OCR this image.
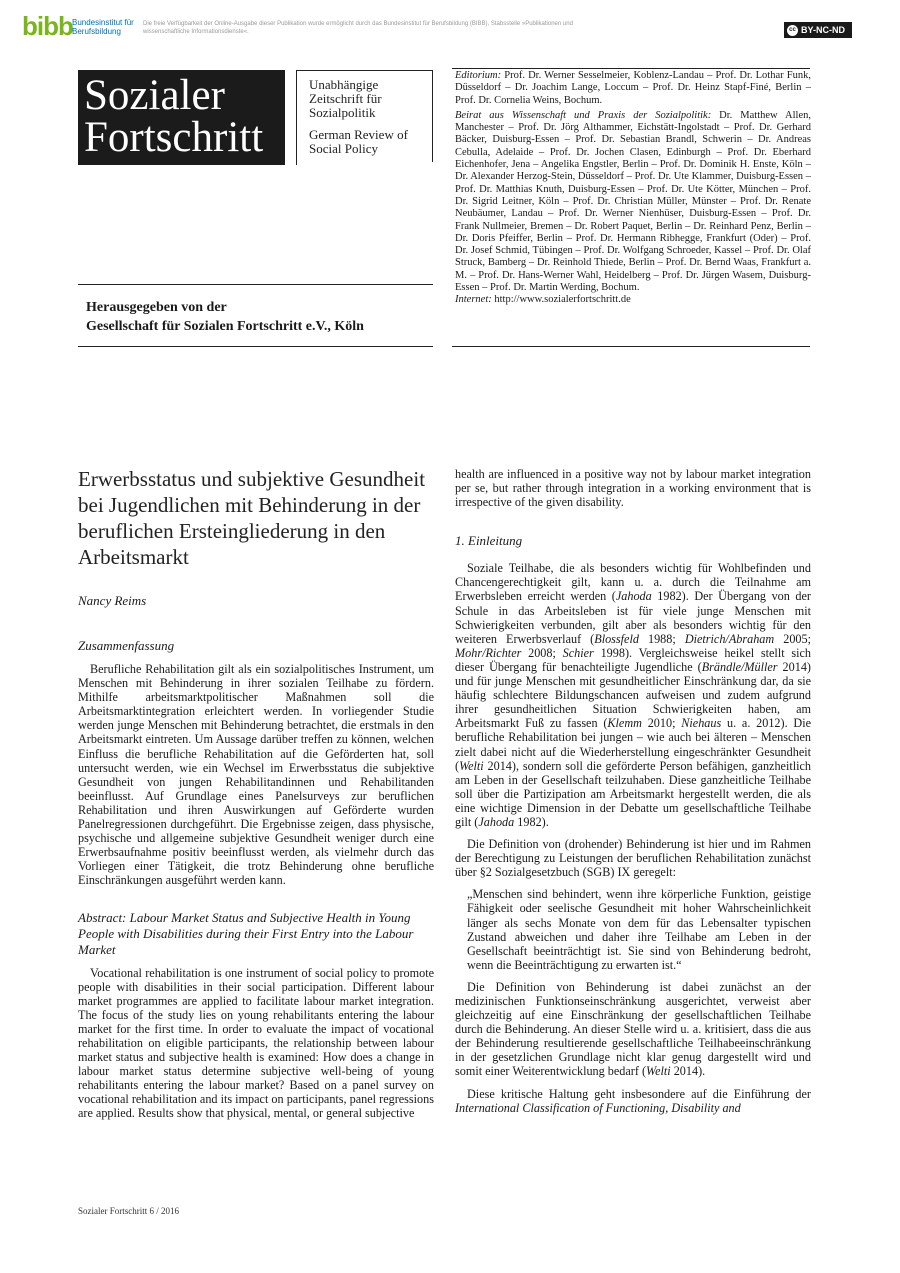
bibb Bundesinstitut für
Berufsbildung
Die freie Verfügbarkeit der Online-Ausgabe dieser Publikation wurde ermöglicht durch das Bundesinstitut für Berufsbildung (BIBB), Stabsstelle »Publikationen und wissenschaftliche Informationsdienste«.	cc BY-NC-ND
Sozialer
Fortschritt
Unabhängige Zeitschrift für Sozialpolitik
German Review of Social Policy
Herausgegeben von der
Gesellschaft für Sozialen Fortschritt e.V., Köln

Editorium: Prof. Dr. Werner Sesselmeier, Koblenz-Landau – Prof. Dr. Lothar Funk, Düsseldorf – Dr. Joachim Lange, Loccum – Prof. Dr. Heinz Stapf-Finé, Berlin – Prof. Dr. Cornelia Weins, Bochum.

Beirat aus Wissenschaft und Praxis der Sozialpolitik: Dr. Matthew Allen, Manchester – Prof. Dr. Jörg Althammer, Eichstätt-Ingolstadt – Prof. Dr. Gerhard Bäcker, Duisburg-Essen – Prof. Dr. Sebastian Brandl, Schwerin – Dr. Andreas Cebulla, Adelaide – Prof. Dr. Jochen Clasen, Edinburgh – Prof. Dr. Eberhard Eichenhofer, Jena – Angelika Engstler, Berlin – Prof. Dr. Dominik H. Enste, Köln – Dr. Alexander Herzog-Stein, Düsseldorf – Prof. Dr. Ute Klammer, Duisburg-Essen – Prof. Dr. Matthias Knuth, Duisburg-Essen – Prof. Dr. Ute Kötter, München – Prof. Dr. Sigrid Leitner, Köln – Prof. Dr. Christian Müller, Münster – Prof. Dr. Renate Neubäumer, Landau – Prof. Dr. Werner Nienhüser, Duisburg-Essen – Prof. Dr. Frank Nullmeier, Bremen – Dr. Robert Paquet, Berlin – Dr. Reinhard Penz, Berlin – Dr. Doris Pfeiffer, Berlin – Prof. Dr. Hermann Ribhegge, Frankfurt (Oder) – Prof. Dr. Josef Schmid, Tübingen – Prof. Dr. Wolfgang Schroeder, Kassel – Prof. Dr. Olaf Struck, Bamberg – Dr. Reinhold Thiede, Berlin – Prof. Dr. Bernd Waas, Frankfurt a. M. – Prof. Dr. Hans-Werner Wahl, Heidelberg – Prof. Dr. Jürgen Wasem, Duisburg-Essen – Prof. Dr. Martin Werding, Bochum.

Internet: http://www.sozialerfortschritt.de

Erwerbsstatus und subjektive Gesundheit bei Jugendlichen mit Behinderung in der beruflichen Ersteingliederung in den Arbeitsmarkt
Nancy Reims
Zusammenfassung

Berufliche Rehabilitation gilt als ein sozialpolitisches Instrument, um Menschen mit Behinderung in ihrer sozialen Teilhabe zu fördern. Mithilfe arbeitsmarktpolitischer Maßnahmen soll die Arbeitsmarktintegration erleichtert werden. In vorliegender Studie werden junge Menschen mit Behinderung betrachtet, die erstmals in den Arbeitsmarkt eintreten. Um Aussage darüber treffen zu können, welchen Einfluss die berufliche Rehabilitation auf die Geförderten hat, soll untersucht werden, wie ein Wechsel im Erwerbsstatus die subjektive Gesundheit von jungen Rehabilitandinnen und Rehabilitanden beeinflusst. Auf Grundlage eines Panelsurveys zur beruflichen Rehabilitation und ihren Auswirkungen auf Geförderte wurden Panelregressionen durchgeführt. Die Ergebnisse zeigen, dass physische, psychische und allgemeine subjektive Gesundheit weniger durch eine Erwerbsaufnahme positiv beeinflusst werden, als vielmehr durch das Vorliegen einer Tätigkeit, die trotz Behinderung ohne berufliche Einschränkungen ausgeführt werden kann.

Abstract: Labour Market Status and Subjective Health in Young People with Disabilities during their First Entry into the Labour Market

Vocational rehabilitation is one instrument of social policy to promote people with disabilities in their social participation. Different labour market programmes are applied to facilitate labour market integration. The focus of the study lies on young rehabilitants entering the labour market for the first time. In order to evaluate the impact of vocational rehabilitation on eligible participants, the relationship between labour market status and subjective health is examined: How does a change in labour market status determine subjective well-being of young rehabilitants entering the labour market? Based on a panel survey on vocational rehabilitation and its impact on participants, panel regressions are applied. Results show that physical, mental, or general subjective

health are influenced in a positive way not by labour market integration per se, but rather through integration in a working environment that is irrespective of the given disability.

1. Einleitung

Soziale Teilhabe, die als besonders wichtig für Wohlbefinden und Chancengerechtigkeit gilt, kann u. a. durch die Teilnahme am Erwerbsleben erreicht werden (Jahoda 1982). Der Übergang von der Schule in das Arbeitsleben ist für viele junge Menschen mit Schwierigkeiten verbunden, gilt aber als besonders wichtig für den weiteren Erwerbsverlauf (Blossfeld 1988; Dietrich/Abraham 2005; Mohr/Richter 2008; Schier 1998). Vergleichsweise heikel stellt sich dieser Übergang für benachteiligte Jugendliche (Brändle/Müller 2014) und für junge Menschen mit gesundheitlicher Einschränkung dar, da sie häufig schlechtere Bildungschancen aufweisen und zudem aufgrund ihrer gesundheitlichen Situation Schwierigkeiten haben, am Arbeitsmarkt Fuß zu fassen (Klemm 2010; Niehaus u. a. 2012). Die berufliche Rehabilitation bei jungen – wie auch bei älteren – Menschen zielt dabei nicht auf die Wiederherstellung eingeschränkter Gesundheit (Welti 2014), sondern soll die geförderte Person befähigen, ganzheitlich am Leben in der Gesellschaft teilzuhaben. Diese ganzheitliche Teilhabe soll über die Partizipation am Arbeitsmarkt hergestellt werden, die als eine wichtige Dimension in der Debatte um gesellschaftliche Teilhabe gilt (Jahoda 1982).

Die Definition von (drohender) Behinderung ist hier und im Rahmen der Berechtigung zu Leistungen der beruflichen Rehabilitation zunächst über §2 Sozialgesetzbuch (SGB) IX geregelt:

„Menschen sind behindert, wenn ihre körperliche Funktion, geistige Fähigkeit oder seelische Gesundheit mit hoher Wahrscheinlichkeit länger als sechs Monate von dem für das Lebensalter typischen Zustand abweichen und daher ihre Teilhabe am Leben in der Gesellschaft beeinträchtigt ist. Sie sind von Behinderung bedroht, wenn die Beeinträchtigung zu erwarten ist.“

Die Definition von Behinderung ist dabei zunächst an der medizinischen Funktionseinschränkung ausgerichtet, verweist aber gleichzeitig auf eine Einschränkung der gesellschaftlichen Teilhabe durch die Behinderung. An dieser Stelle wird u. a. kritisiert, dass die aus der Behinderung resultierende gesellschaftliche Teilhabeeinschränkung in der gesetzlichen Grundlage nicht klar genug dargestellt wird und somit einer Weiterentwicklung bedarf (Welti 2014).

Diese kritische Haltung geht insbesondere auf die Einführung der International Classification of Functioning, Disability and

Sozialer Fortschritt 6 / 2016
